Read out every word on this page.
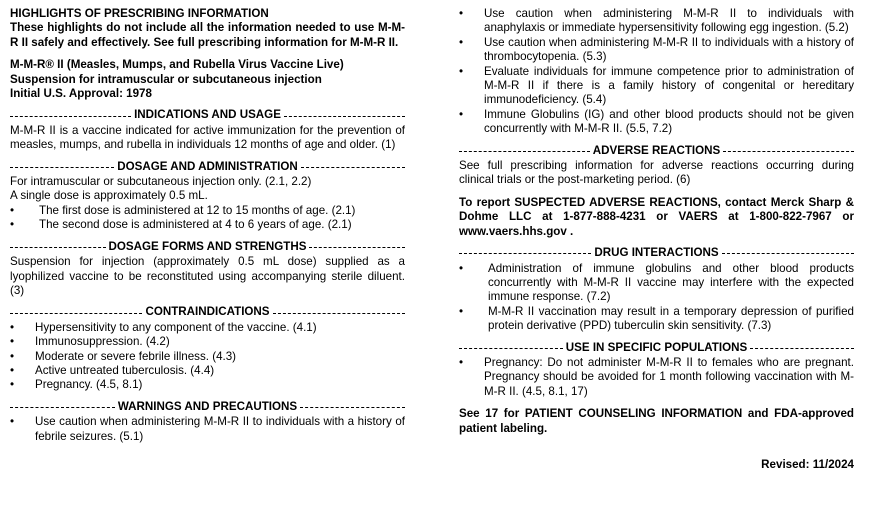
HIGHLIGHTS OF PRESCRIBING INFORMATION

These highlights do not include all the information needed to use M-M-R II safely and effectively. See full prescribing information for M-M-R II.

M-M-R® II (Measles, Mumps, and Rubella Virus Vaccine Live)

Suspension for intramuscular or subcutaneous injection

Initial U.S. Approval: 1978

INDICATIONS AND USAGE

M-M-R II is a vaccine indicated for active immunization for the prevention of measles, mumps, and rubella in individuals 12 months of age and older. (1)

DOSAGE AND ADMINISTRATION

For intramuscular or subcutaneous injection only. (2.1, 2.2)

A single dose is approximately 0.5 mL.

• The first dose is administered at 12 to 15 months of age. (2.1)
• The second dose is administered at 4 to 6 years of age. (2.1)
DOSAGE FORMS AND STRENGTHS

Suspension for injection (approximately 0.5 mL dose) supplied as a lyophilized vaccine to be reconstituted using accompanying sterile diluent. (3)

CONTRAINDICATIONS
• Hypersensitivity to any component of the vaccine. (4.1)
• Immunosuppression. (4.2)
• Moderate or severe febrile illness. (4.3)
• Active untreated tuberculosis. (4.4)
• Pregnancy. (4.5, 8.1)
WARNINGS AND PRECAUTIONS
• Use caution when administering M-M-R II to individuals with a history of febrile seizures. (5.1)
• Use caution when administering M-M-R II to individuals with anaphylaxis or immediate hypersensitivity following egg ingestion. (5.2)
• Use caution when administering M-M-R II to individuals with a history of thrombocytopenia. (5.3)
• Evaluate individuals for immune competence prior to administration of M-M-R II if there is a family history of congenital or hereditary immunodeficiency. (5.4)
• Immune Globulins (IG) and other blood products should not be given concurrently with M-M-R II. (5.5, 7.2)
ADVERSE REACTIONS

See full prescribing information for adverse reactions occurring during clinical trials or the post-marketing period. (6)

To report SUSPECTED ADVERSE REACTIONS, contact Merck Sharp & Dohme LLC at 1-877-888-4231 or VAERS at 1-800-822-7967 or www.vaers.hhs.gov .

DRUG INTERACTIONS
• Administration of immune globulins and other blood products concurrently with M-M-R II vaccine may interfere with the expected immune response. (7.2)
• M-M-R II vaccination may result in a temporary depression of purified protein derivative (PPD) tuberculin skin sensitivity. (7.3)
USE IN SPECIFIC POPULATIONS
• Pregnancy: Do not administer M-M-R II to females who are pregnant. Pregnancy should be avoided for 1 month following vaccination with M-M-R II. (4.5, 8.1, 17)

See 17 for PATIENT COUNSELING INFORMATION and FDA-approved patient labeling.

Revised: 11/2024
